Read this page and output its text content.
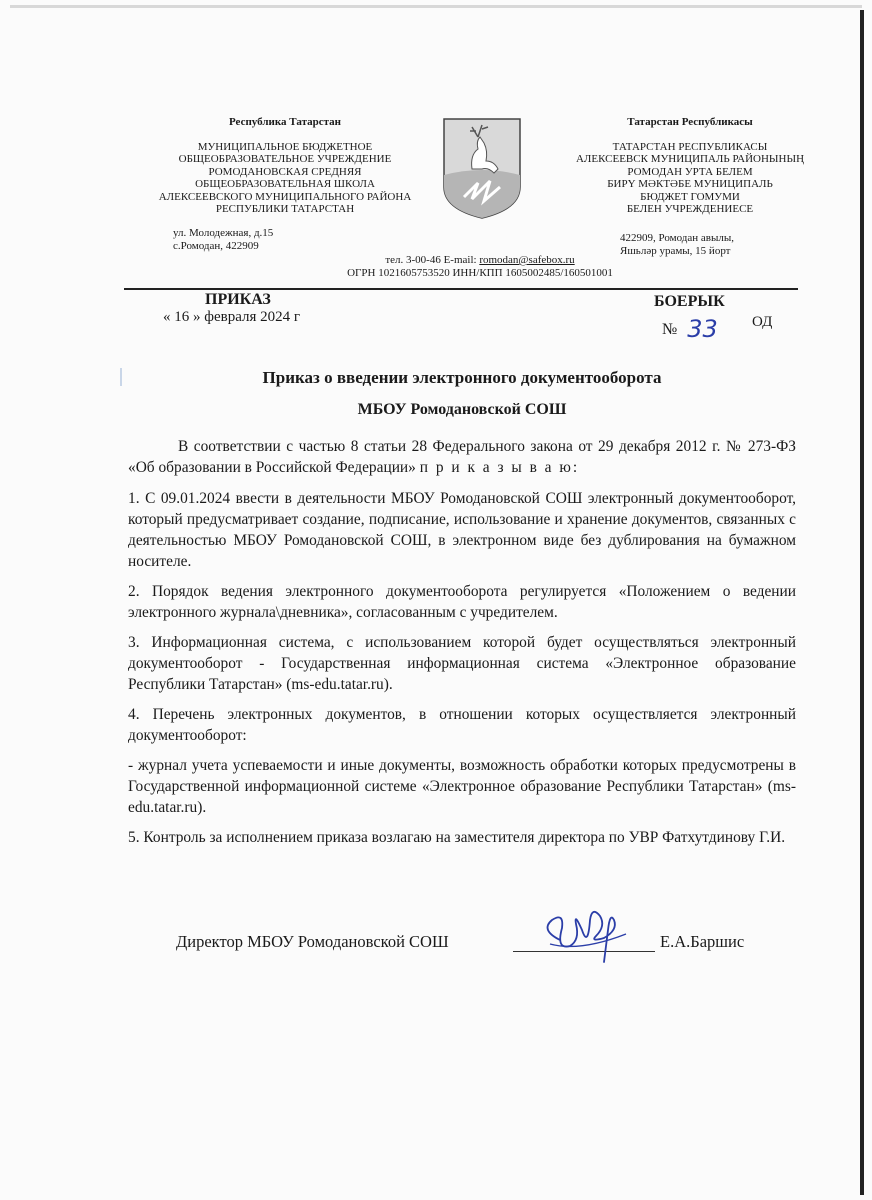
Республика Татарстан
МУНИЦИПАЛЬНОЕ БЮДЖЕТНОЕ
ОБЩЕОБРАЗОВАТЕЛЬНОЕ УЧРЕЖДЕНИЕ
РОМОДАНОВСКАЯ СРЕДНЯЯ
ОБЩЕОБРАЗОВАТЕЛЬНАЯ ШКОЛА
АЛЕКСЕЕВСКОГО МУНИЦИПАЛЬНОГО РАЙОНА
РЕСПУБЛИКИ ТАТАРСТАН
ул. Молодежная, д.15
с.Ромодан, 422909
Татарстан Республикасы
ТАТАРСТАН РЕСПУБЛИКАСЫ
АЛЕКСЕЕВСК МУНИЦИПАЛЬ РАЙОНЫНЫҢ
РОМОДАН УРТА БЕЛЕМ
БИРҮ МӘКТӘБЕ МУНИЦИПАЛЬ
БЮДЖЕТ ГОМУМИ
БЕЛЕН УЧРЕЖДЕНИЕСЕ
422909, Ромодан авылы,
Яшьләр урамы, 15 йорт
тел. 3-00-46 E-mail: romodan@safebox.ru
ОГРН 1021605753520 ИНН/КПП 1605002485/160501001
ПРИКАЗ
« 16 » февраля 2024 г
БОЕРЫК
№ 33 ОД
Приказ о введении электронного документооборота
МБОУ Ромодановской СОШ

В соответствии с частью 8 статьи 28 Федерального закона от 29 декабря 2012 г. № 273-ФЗ «Об образовании в Российской Федерации» п р и к а з ы в а ю:

1. С 09.01.2024 ввести в деятельности МБОУ Ромодановской СОШ электронный документооборот, который предусматривает создание, подписание, использование и хранение документов, связанных с деятельностью МБОУ Ромодановской СОШ, в электронном виде без дублирования на бумажном носителе.

2. Порядок ведения электронного документооборота регулируется «Положением о ведении электронного журнала\дневника», согласованным с учредителем.

3. Информационная система, с использованием которой будет осуществляться электронный документооборот - Государственная информационная система «Электронное образование Республики Татарстан» (ms-edu.tatar.ru).

4. Перечень электронных документов, в отношении которых осуществляется электронный документооборот:

- журнал учета успеваемости и иные документы, возможность обработки которых предусмотрены в Государственной информационной системе «Электронное образование Республики Татарстан» (ms-edu.tatar.ru).

5. Контроль за исполнением приказа возлагаю на заместителя директора по УВР Фатхутдинову Г.И.

Директор МБОУ Ромодановской СОШ	Е.А.Баршис
